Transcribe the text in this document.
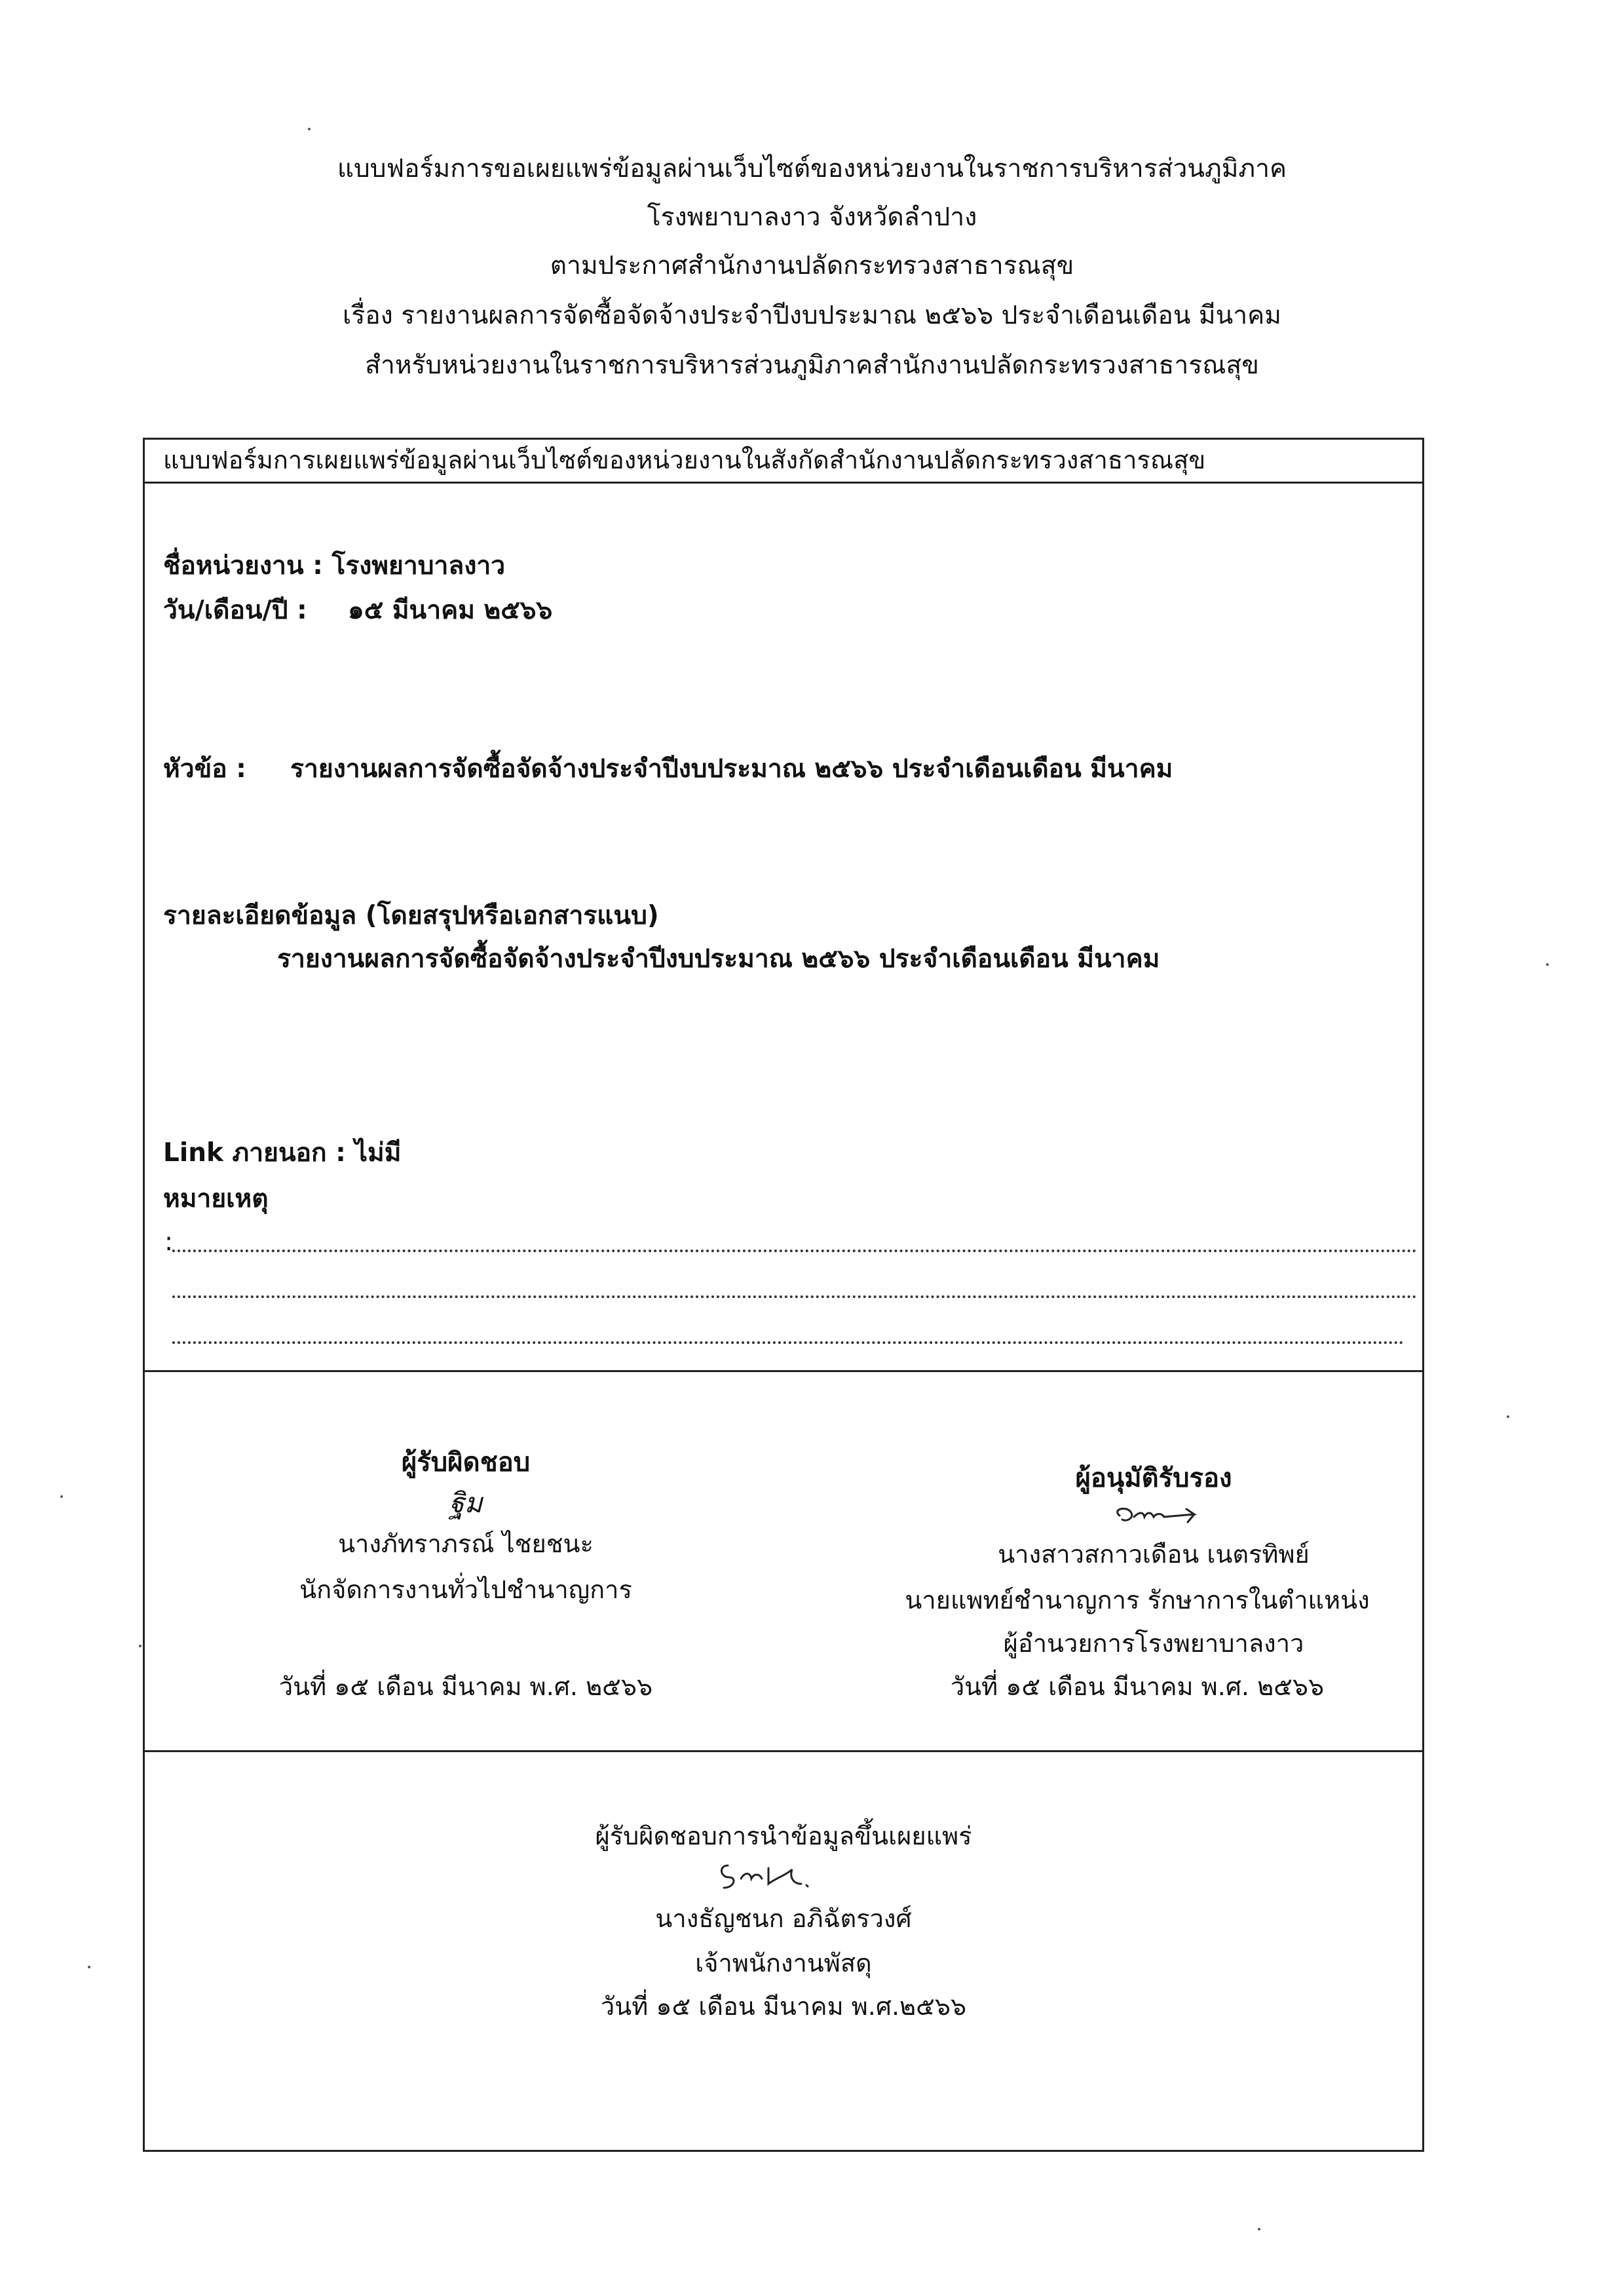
แบบฟอร์มการขอเผยแพร่ข้อมูลผ่านเว็บไซต์ของหน่วยงานในราชการบริหารส่วนภูมิภาค
โรงพยาบาลงาว จังหวัดลำปาง
ตามประกาศสำนักงานปลัดกระทรวงสาธารณสุข
เรื่อง รายงานผลการจัดซื้อจัดจ้างประจำปีงบประมาณ ๒๕๖๖ ประจำเดือนเดือน มีนาคม
สำหรับหน่วยงานในราชการบริหารส่วนภูมิภาคสำนักงานปลัดกระทรวงสาธารณสุข
แบบฟอร์มการเผยแพร่ข้อมูลผ่านเว็บไซต์ของหน่วยงานในสังกัดสำนักงานปลัดกระทรวงสาธารณสุข
ชื่อหน่วยงาน : โรงพยาบาลงาว
วัน/เดือน/ปี : ๑๕ มีนาคม ๒๕๖๖
หัวข้อ : รายงานผลการจัดซื้อจัดจ้างประจำปีงบประมาณ ๒๕๖๖ ประจำเดือนเดือน มีนาคม
รายละเอียดข้อมูล (โดยสรุปหรือเอกสารแนบ)
รายงานผลการจัดซื้อจัดจ้างประจำปีงบประมาณ ๒๕๖๖ ประจำเดือนเดือน มีนาคม
Link ภายนอก : ไม่มี
หมายเหตุ
:
ผู้รับผิดชอบ
ฐิม
นางภัทราภรณ์ ไชยชนะ
นักจัดการงานทั่วไปชำนาญการ
วันที่ ๑๕ เดือน มีนาคม พ.ศ. ๒๕๖๖
ผู้อนุมัติรับรอง
นางสาวสกาวเดือน เนตรทิพย์
นายแพทย์ชำนาญการ รักษาการในตำแหน่ง
ผู้อำนวยการโรงพยาบาลงาว
วันที่ ๑๕ เดือน มีนาคม พ.ศ. ๒๕๖๖
ผู้รับผิดชอบการนำข้อมูลขึ้นเผยแพร่
นางธัญชนก อภิฉัตรวงศ์
เจ้าพนักงานพัสดุ
วันที่ ๑๕ เดือน มีนาคม พ.ศ.๒๕๖๖
